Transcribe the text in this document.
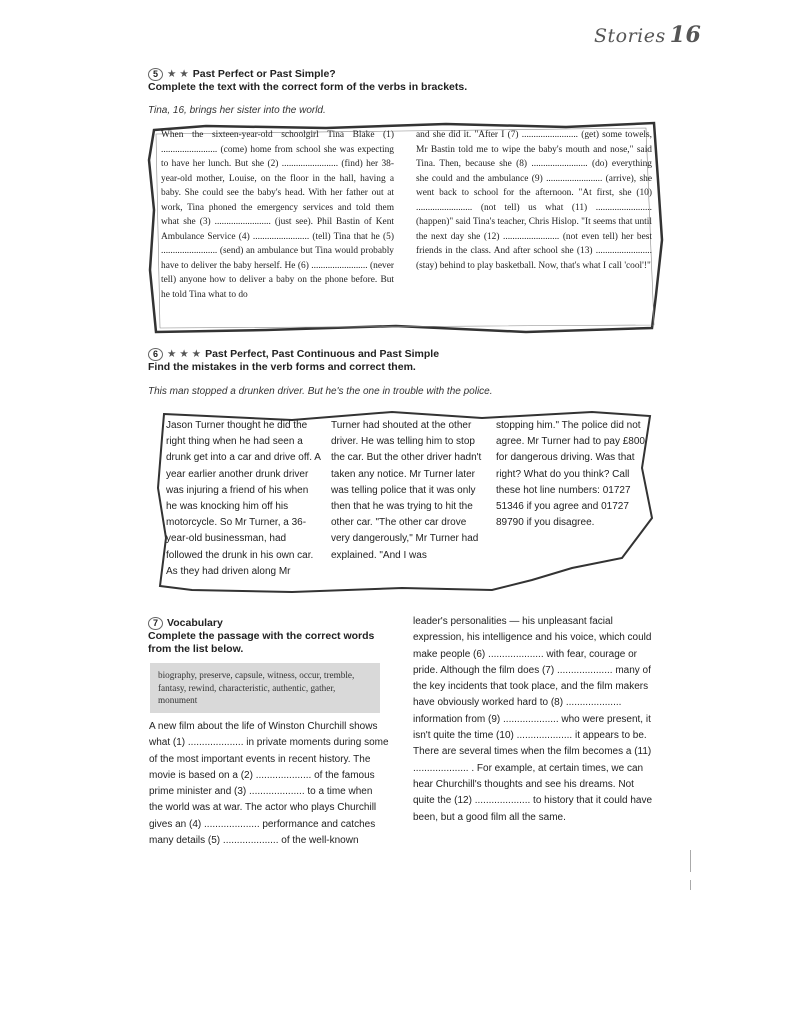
Stories 16
5 ★ ★ Past Perfect or Past Simple?
Complete the text with the correct form of the verbs in brackets.
Tina, 16, brings her sister into the world.
When the sixteen-year-old schoolgirl Tina Blake (1) ........................ (come) home from school she was expecting to have her lunch. But she (2) ........................ (find) her 38-year-old mother, Louise, on the floor in the hall, having a baby. She could see the baby's head. With her father out at work, Tina phoned the emergency services and told them what she (3) ........................ (just see). Phil Bastin of Kent Ambulance Service (4) ........................ (tell) Tina that he (5) ........................ (send) an ambulance but Tina would probably have to deliver the baby herself. He (6) ........................ (never tell) anyone how to deliver a baby on the phone before. But he told Tina what to do
and she did it. "After I (7) ........................ (get) some towels, Mr Bastin told me to wipe the baby's mouth and nose," said Tina. Then, because she (8) ........................ (do) everything she could and the ambulance (9) ........................ (arrive), she went back to school for the afternoon. "At first, she (10) ........................ (not tell) us what (11) ........................ (happen)" said Tina's teacher, Chris Hislop. "It seems that until the next day she (12) ........................ (not even tell) her best friends in the class. And after school she (13) ........................ (stay) behind to play basketball. Now, that's what I call 'cool'!"
6 ★ ★ ★ Past Perfect, Past Continuous and Past Simple
Find the mistakes in the verb forms and correct them.
This man stopped a drunken driver. But he's the one in trouble with the police.
Jason Turner thought he did the right thing when he had seen a drunk get into a car and drive off. A year earlier another drunk driver was injuring a friend of his when he was knocking him off his motorcycle. So Mr Turner, a 36-year-old businessman, had followed the drunk in his own car. As they had driven along Mr
Turner had shouted at the other driver. He was telling him to stop the car. But the other driver hadn't taken any notice. Mr Turner later was telling police that it was only then that he was trying to hit the other car. "The other car drove very dangerously," Mr Turner had explained. "And I was
stopping him." The police did not agree. Mr Turner had to pay £800 for dangerous driving. Was that right? What do you think? Call these hot line numbers: 01727 51346 if you agree and 01727 89790 if you disagree.
7 Vocabulary
Complete the passage with the correct words from the list below.
biography, preserve, capsule, witness, occur, tremble, fantasy, rewind, characteristic, authentic, gather, monument
A new film about the life of Winston Churchill shows what (1) .................... in private moments during some of the most important events in recent history. The movie is based on a (2) .................... of the famous prime minister and (3) .................... to a time when the world was at war. The actor who plays Churchill gives an (4) .................... performance and catches many details (5) .................... of the well-known
leader's personalities — his unpleasant facial expression, his intelligence and his voice, which could make people (6) .................... with fear, courage or pride. Although the film does (7) .................... many of the key incidents that took place, and the film makers have obviously worked hard to (8) .................... information from (9) .................... who were present, it isn't quite the time (10) .................... it appears to be. There are several times when the film becomes a (11) .................... . For example, at certain times, we can hear Churchill's thoughts and see his dreams. Not quite the (12) .................... to history that it could have been, but a good film all the same.
